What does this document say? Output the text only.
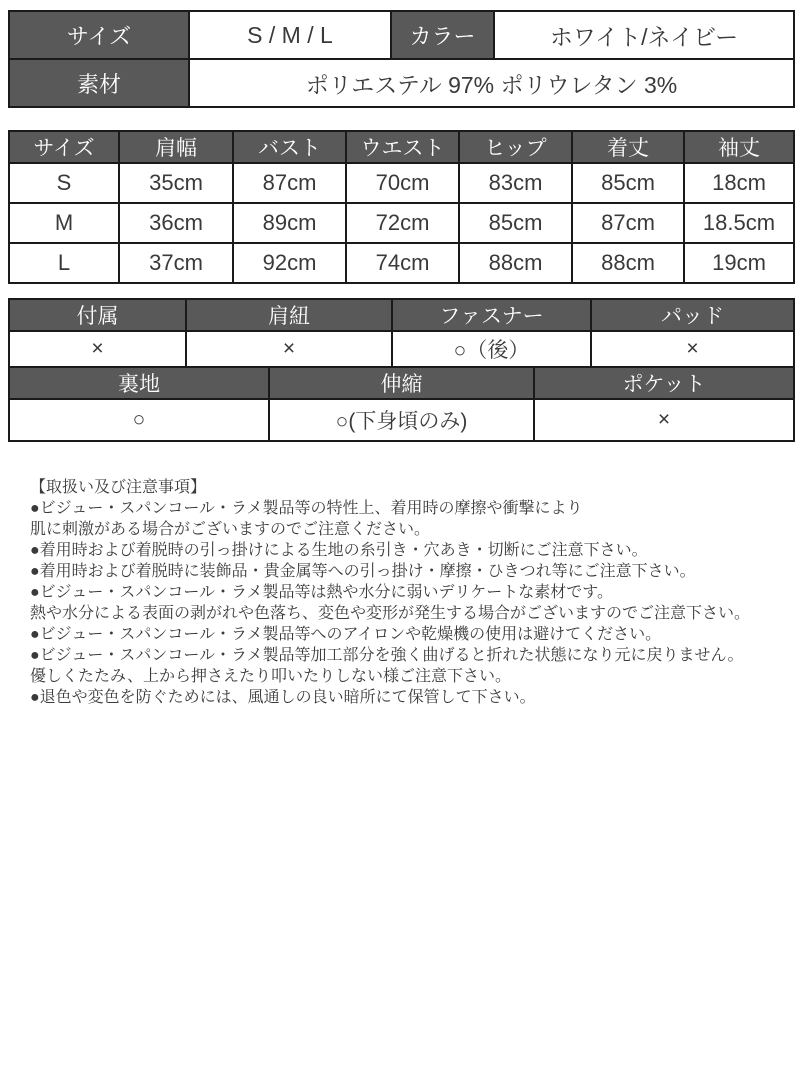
サイズ	S / M / L	カラー	ホワイト/ネイビー
素材	ポリエステル 97% ポリウレタン 3%		
サイズ	肩幅	バスト	ウエスト	ヒップ	着丈	袖丈
S	35cm	87cm	70cm	83cm	85cm	18cm
M	36cm	89cm	72cm	85cm	87cm	18.5cm
L	37cm	92cm	74cm	88cm	88cm	19cm
付属	肩紐	ファスナー	パッド
×	×	○（後）	×
裏地	伸縮	ポケット
○	○(下身頃のみ)	×
【取扱い及び注意事項】
●ビジュー・スパンコール・ラメ製品等の特性上、着用時の摩擦や衝撃により
肌に刺激がある場合がございますのでご注意ください。
●着用時および着脱時の引っ掛けによる生地の糸引き・穴あき・切断にご注意下さい。
●着用時および着脱時に装飾品・貴金属等への引っ掛け・摩擦・ひきつれ等にご注意下さい。
●ビジュー・スパンコール・ラメ製品等は熱や水分に弱いデリケートな素材です。
熱や水分による表面の剥がれや色落ち、変色や変形が発生する場合がございますのでご注意下さい。
●ビジュー・スパンコール・ラメ製品等へのアイロンや乾燥機の使用は避けてください。
●ビジュー・スパンコール・ラメ製品等加工部分を強く曲げると折れた状態になり元に戻りません。
優しくたたみ、上から押さえたり叩いたりしない様ご注意下さい。
●退色や変色を防ぐためには、風通しの良い暗所にて保管して下さい。
